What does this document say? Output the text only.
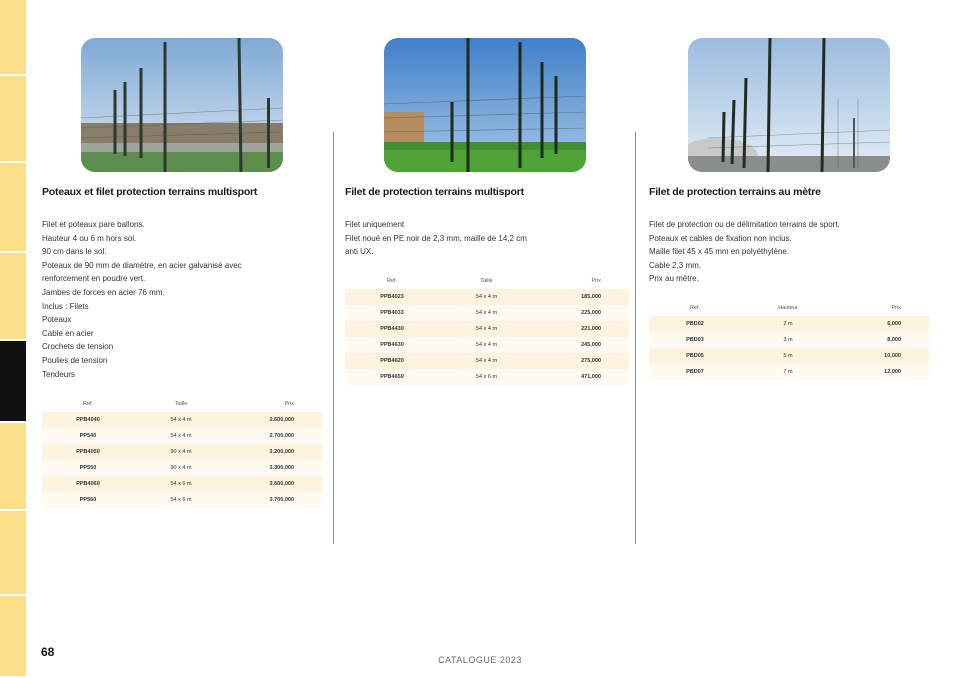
Poteaux et filet protection terrains multisport
Filet et poteaux pare ballons.
Hauteur 4 ou 6 m hors sol.
90 cm dans le sol.
Poteaux de 90 mm de diamètre, en acier galvanisé avec
renforcement en poudre vert.
Jambes de forces en acier 76 mm.
Inclus : Filets
Poteaux
Cable en acier
Crochets de tension
Poulies de tension
Tendeurs
Ref.	Taille	Prix
PPB4040	54 x 4 m	2.600,000
PP540	54 x 4 m	2.700,000
PPB4050	90 x 4 m	3.200,000
PP550	90 x 4 m	3.300,000
PPB4060	54 x 6 m	3.600,000
PP560	54 x 6 m	3.700,000
Filet de protection terrains multisport
Filet uniquement
Filet noué en PE noir de 2,3 mm, maille de 14,2 cm
anti UX.
Ref.	Taille	Prix
PPB4023	54 x 4 m	185,000
PPB4033	54 x 4 m	225,000
PPB4430	54 x 4 m	221,000
PPB4630	54 x 4 m	245,000
PPB4620	54 x 4 m	275,000
PPB4650	54 x 6 m	471,000
Filet de protection terrains au mètre
Filet de protection ou de délimitation terrains de sport.
Poteaux et cables de fixation non inclus.
Maille filet 45 x 45 mm en polyéthylène.
Cable 2,3 mm.
Prix au mètre.
Ref.	Hauteur	Prix
PBD02	2 m	6,000
PBD03	3 m	8,000
PBD05	5 m	10,000
PBD07	7 m	12,000
68
CATALOGUE 2023
